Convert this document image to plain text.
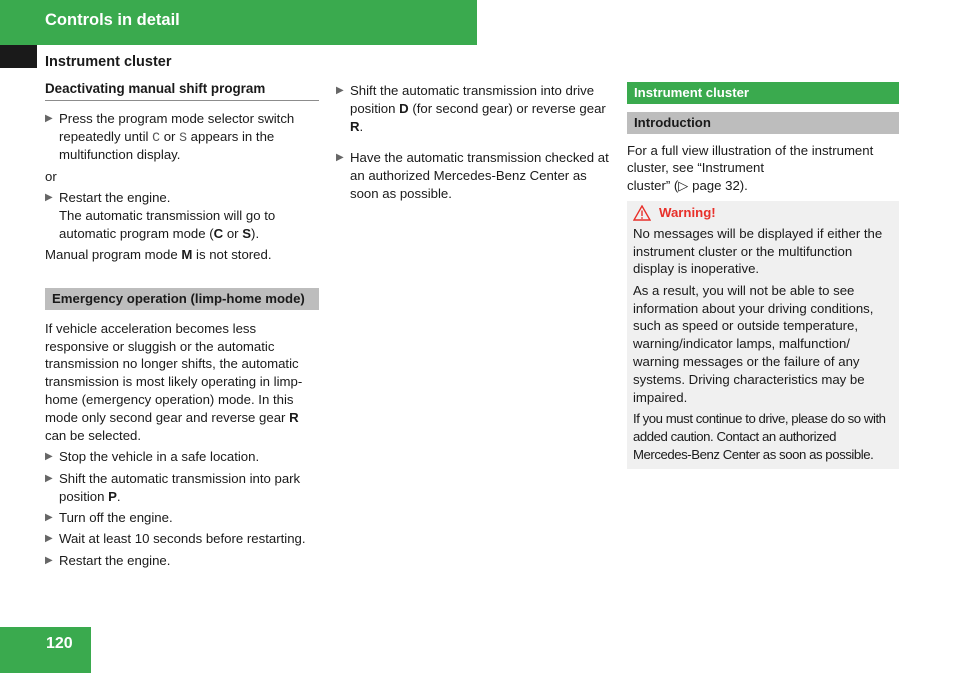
Controls in detail
Instrument cluster
Deactivating manual shift program
▶ Press the program mode selector switch repeatedly until C or S appears in the multifunction display.
or
▶ Restart the engine.
The automatic transmission will go to automatic program mode (C or S).
Manual program mode M is not stored.
Emergency operation (limp-home mode)
If vehicle acceleration becomes less responsive or sluggish or the automatic transmission no longer shifts, the automatic transmission is most likely operating in limp-home (emergency operation) mode. In this mode only second gear and reverse gear R can be selected.
▶ Stop the vehicle in a safe location.
▶ Shift the automatic transmission into park position P.
▶ Turn off the engine.
▶ Wait at least 10 seconds before restarting.
▶ Restart the engine.
▶ Shift the automatic transmission into drive position D (for second gear) or reverse gear R.
▶ Have the automatic transmission checked at an authorized Mercedes-Benz Center as soon as possible.
Instrument cluster
Introduction
For a full view illustration of the instrument cluster, see “Instrument
cluster” (▷ page 32).
Warning!
No messages will be displayed if either the instrument cluster or the multifunction display is inoperative.
As a result, you will not be able to see information about your driving conditions, such as speed or outside temperature, warning/indicator lamps, malfunction/ warning messages or the failure of any systems. Driving characteristics may be impaired.
If you must continue to drive, please do so with added caution. Contact an authorized Mercedes-Benz Center as soon as possible.
120
